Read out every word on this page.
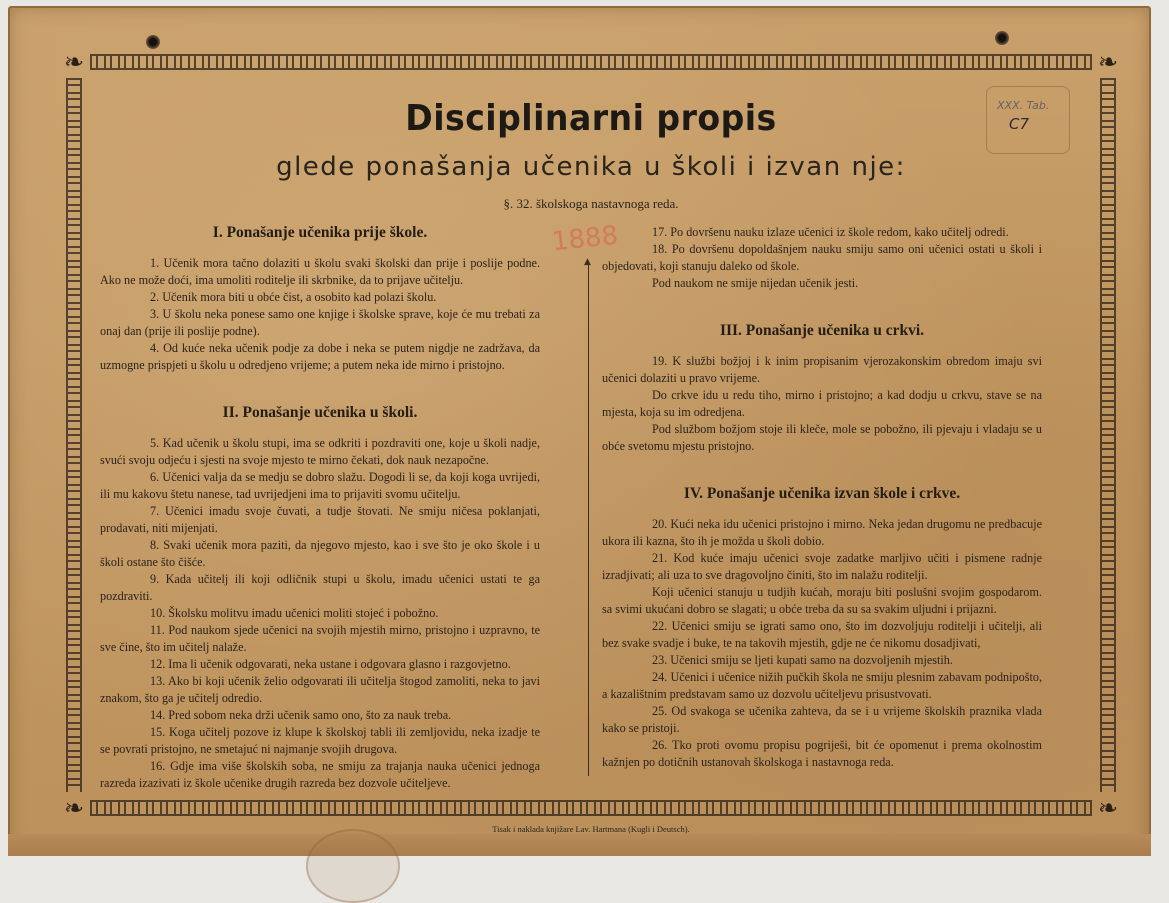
❧	❧
❧	❧
XXX. Tab.
C7
Disciplinarni propis
glede ponašanja učenika u školi i izvan nje:
§. 32. školskoga nastavnoga reda.
1888
I. Ponašanje učenika prije škole.

1. Učenik mora tačno dolaziti u školu svaki školski dan prije i poslije podne. Ako ne može doći, ima umoliti roditelje ili skrbnike, da to prijave učitelju.

2. Učenik mora biti u obće čist, a osobito kad polazi školu.

3. U školu neka ponese samo one knjige i školske sprave, koje će mu trebati za onaj dan (prije ili poslije podne).

4. Od kuće neka učenik podje za dobe i neka se putem nigdje ne zadržava, da uzmogne prispjeti u školu u odredjeno vrijeme; a putem neka ide mirno i pristojno.

II. Ponašanje učenika u školi.

5. Kad učenik u školu stupi, ima se odkriti i pozdraviti one, koje u školi nadje, svući svoju odjeću i sjesti na svoje mjesto te mirno čekati, dok nauk nezapočne.

6. Učenici valja da se medju se dobro slažu. Dogodi li se, da koji koga uvrijedi, ili mu kakovu štetu nanese, tad uvrijedjeni ima to prijaviti svomu učitelju.

7. Učenici imadu svoje čuvati, a tudje štovati. Ne smiju ničesa poklanjati, prodavati, niti mijenjati.

8. Svaki učenik mora paziti, da njegovo mjesto, kao i sve što je oko škole i u školi ostane što čišće.

9. Kada učitelj ili koji odličnik stupi u školu, imadu učenici ustati te ga pozdraviti.

10. Školsku molitvu imadu učenici moliti stojeć i pobožno.

11. Pod naukom sjede učenici na svojih mjestih mirno, pristojno i uzpravno, te sve čine, što im učitelj nalaže.

12. Ima li učenik odgovarati, neka ustane i odgovara glasno i razgovjetno.

13. Ako bi koji učenik želio odgovarati ili učitelja štogod zamoliti, neka to javi znakom, što ga je učitelj odredio.

14. Pred sobom neka drži učenik samo ono, što za nauk treba.

15. Koga učitelj pozove iz klupe k školskoj tabli ili zemljovidu, neka izadje te se povrati pristojno, ne smetajuć ni najmanje svojih drugova.

16. Gdje ima više školskih soba, ne smiju za trajanja nauka učenici jednoga razreda izazivati iz škole učenike drugih razreda bez dozvole učiteljeve.

▲

17. Po dovršenu nauku izlaze učenici iz škole redom, kako učitelj odredi.

18. Po dovršenu dopoldašnjem nauku smiju samo oni učenici ostati u školi i objedovati, koji stanuju daleko od škole.

Pod naukom ne smije nijedan učenik jesti.

III. Ponašanje učenika u crkvi.

19. K službi božjoj i k inim propisanim vjerozakonskim obredom imaju svi učenici dolaziti u pravo vrijeme.

Do crkve idu u redu tiho, mirno i pristojno; a kad dodju u crkvu, stave se na mjesta, koja su im odredjena.

Pod službom božjom stoje ili kleče, mole se pobožno, ili pjevaju i vladaju se u obće svetomu mjestu pristojno.

IV. Ponašanje učenika izvan škole i crkve.

20. Kući neka idu učenici pristojno i mirno. Neka jedan drugomu ne predbacuje ukora ili kazna, što ih je možda u školi dobio.

21. Kod kuće imaju učenici svoje zadatke marljivo učiti i pismene radnje izradjivati; ali uza to sve dragovoljno činiti, što im nalažu roditelji.

Koji učenici stanuju u tudjih kućah, moraju biti poslušni svojim gospodarom. sa svimi ukućani dobro se slagati; u obće treba da su sa svakim uljudni i prijazni.

22. Učenici smiju se igrati samo ono, što im dozvoljuju roditelji i učitelji, ali bez svake svadje i buke, te na takovih mjestih, gdje ne će nikomu dosadjivati,

23. Učenici smiju se ljeti kupati samo na dozvoljenih mjestih.

24. Učenici i učenice nižih pučkih škola ne smiju plesnim zabavam podnipošto, a kazalištnim predstavam samo uz dozvolu učiteljevu prisustvovati.

25. Od svakoga se učenika zahteva, da se i u vrijeme školskih praznika vlada kako se pristoji.

26. Tko proti ovomu propisu pogriješi, bit će opomenut i prema okolnostim kažnjen po dotičnih ustanovah školskoga i nastavnoga reda.

Tisak i naklada knjižare Lav. Hartmana (Kugli i Deutsch).
